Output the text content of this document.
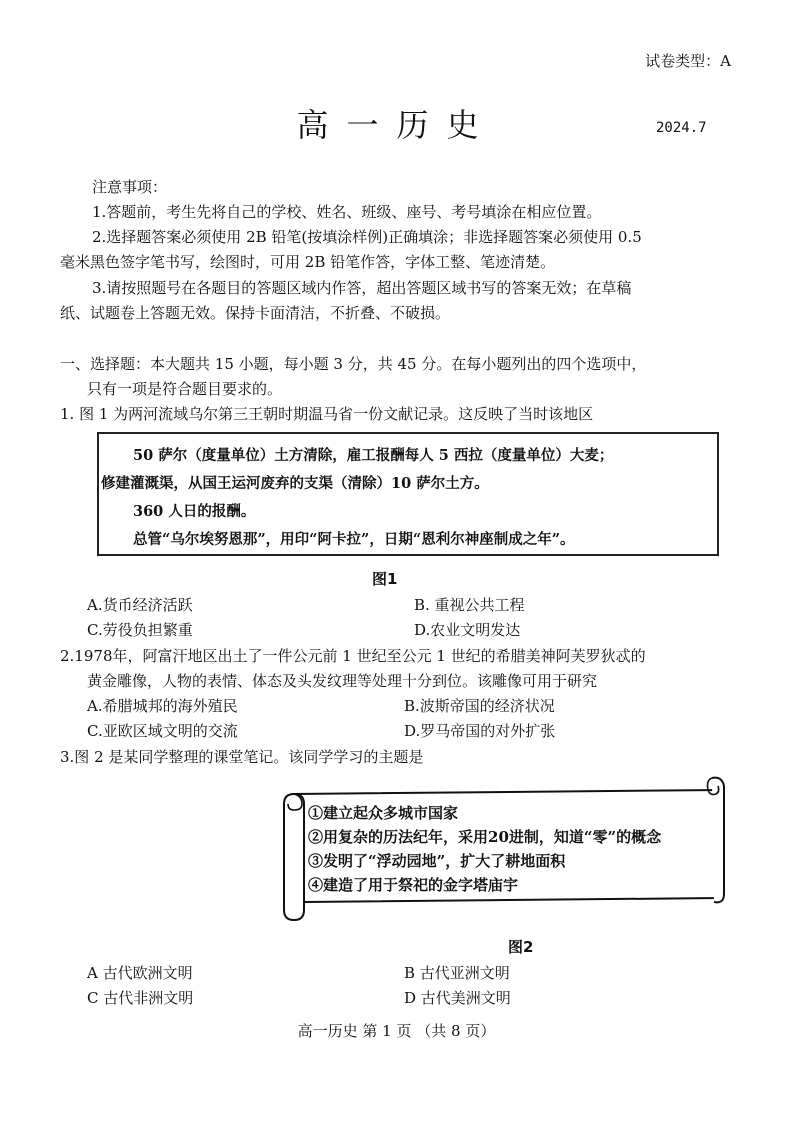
试卷类型：A
高一历史	2024.7
注意事项：
1.答题前，考生先将自己的学校、姓名、班级、座号、考号填涂在相应位置。
2.选择题答案必须使用 2B 铅笔(按填涂样例)正确填涂；非选择题答案必须使用 0.5
毫米黑色签字笔书写，绘图时，可用 2B 铅笔作答，字体工整、笔迹清楚。
3.请按照题号在各题目的答题区域内作答，超出答题区域书写的答案无效；在草稿
纸、试题卷上答题无效。保持卡面清洁，不折叠、不破损。
一、选择题：本大题共 15 小题，每小题 3 分，共 45 分。在每小题列出的四个选项中，
只有一项是符合题目要求的。
1. 图 1 为两河流域乌尔第三王朝时期温马省一份文献记录。这反映了当时该地区
50 萨尔（度量单位）土方清除，雇工报酬每人 5 西拉（度量单位）大麦；
修建灌溉渠，从国王运河废弃的支渠（清除）10 萨尔土方。
360 人日的报酬。
总管“乌尔埃努恩那”，用印“阿卡拉”，日期“恩利尔神座制成之年”。
图1
A.货币经济活跃	B. 重视公共工程
C.劳役负担繁重	D.农业文明发达
2.1978年，阿富汗地区出土了一件公元前 1 世纪至公元 1 世纪的希腊美神阿芙罗狄忒的
黄金雕像，人物的表情、体态及头发纹理等处理十分到位。该雕像可用于研究
A.希腊城邦的海外殖民	B.波斯帝国的经济状况
C.亚欧区域文明的交流	D.罗马帝国的对外扩张
3.图 2 是某同学整理的课堂笔记。该同学学习的主题是
①建立起众多城市国家
②用复杂的历法纪年，采用20进制，知道“零”的概念
③发明了“浮动园地”，扩大了耕地面积
④建造了用于祭祀的金字塔庙宇
图2
A 古代欧洲文明	B 古代亚洲文明
C 古代非洲文明	D 古代美洲文明
高一历史 第 1 页 （共 8 页）
